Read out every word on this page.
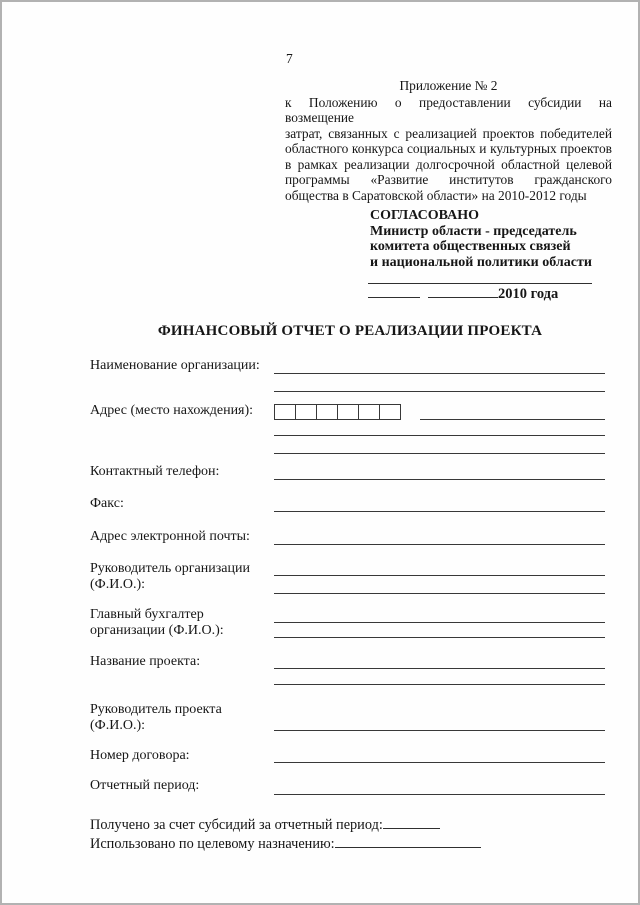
7
Приложение № 2
к Положению о предоставлении субсидии на возмещение
затрат, связанных с реализацией проектов победителей
областного конкурса социальных и культурных проектов
в рамках реализации долгосрочной областной целевой
программы «Развитие институтов гражданского
общества в Саратовской области» на 2010-2012 годы
СОГЛАСОВАНО
Министр области - председатель
комитета общественных связей
и национальной политики области
2010 года
ФИНАНСОВЫЙ ОТЧЕТ О РЕАЛИЗАЦИИ ПРОЕКТА
Наименование организации:
Адрес (место нахождения):
Контактный телефон:
Факс:
Адрес электронной почты:
Руководитель организации (Ф.И.О.):
Главный бухгалтер организации (Ф.И.О.):
Название проекта:
Руководитель проекта (Ф.И.О.):
Номер договора:
Отчетный период:
Получено за счет субсидий за отчетный период:
Использовано по целевому назначению:
